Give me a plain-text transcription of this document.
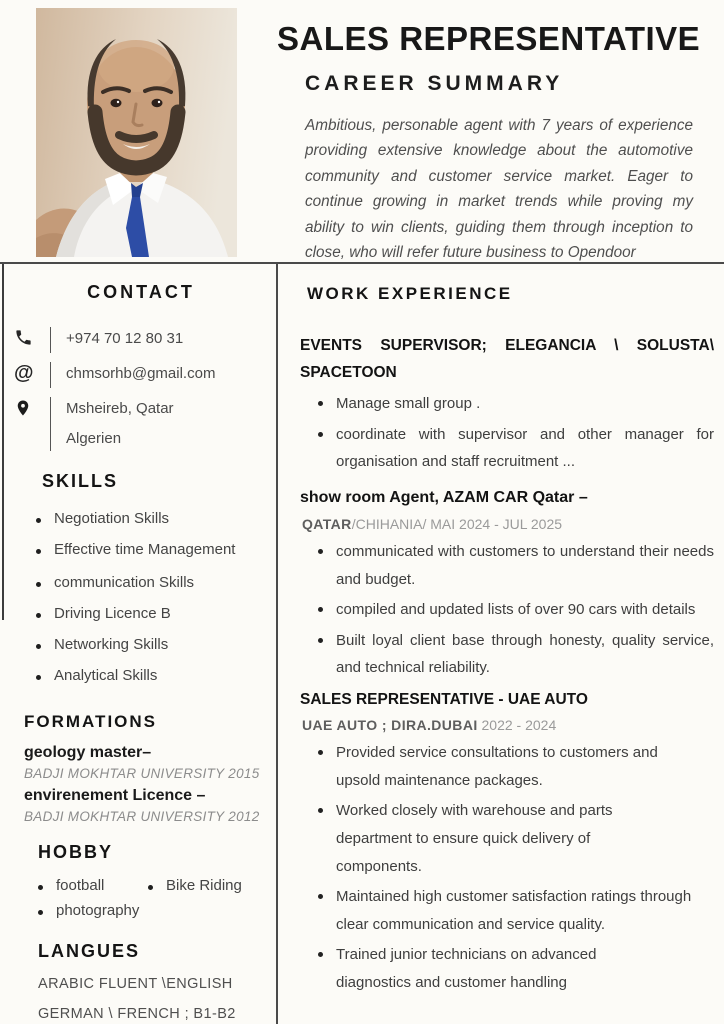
SALES REPRESENTATIVE
CAREER SUMMARY

Ambitious, personable agent with 7 years of experience providing extensive knowledge about the automotive community and customer service market. Eager to continue growing in market trends while proving my ability to win clients, guiding them through inception to close, who will refer future business to Opendoor

CONTACT
+974 70 12 80 31
@	chmsorhb@gmail.com
Msheireb, Qatar
Algerien
SKILLS
Negotiation Skills
Effective time Management
communication Skills
Driving Licence B
Networking Skills
Analytical Skills
FORMATIONS
geology master–
BADJI MOKHTAR UNIVERSITY 2015
envirenement Licence –
BADJI MOKHTAR UNIVERSITY 2012
HOBBY
football	Bike Riding
photography
LANGUES
ARABIC FLUENT \ENGLISH
GERMAN \ FRENCH ; B1-B2
WORK EXPERIENCE
EVENTS SUPERVISOR; ELEGANCIA \ SOLUSTA\ SPACETOON
Manage small group .
coordinate with supervisor and other manager for organisation and staff recruitment ...
show room Agent, AZAM CAR Qatar –
QATAR/CHIHANIA/ MAI 2024 - JUL 2025
communicated with customers to understand their needs and budget.
compiled and updated lists of over 90 cars with details
Built loyal client base through honesty, quality service, and technical reliability.
SALES REPRESENTATIVE - UAE AUTO
UAE AUTO ; DIRA.DUBAI 2022 - 2024
Provided service consultations to customers and upsold maintenance packages.
Worked closely with warehouse and parts department to ensure quick delivery of components.
Maintained high customer satisfaction ratings through clear communication and service quality.
Trained junior technicians on advanced diagnostics and customer handling
